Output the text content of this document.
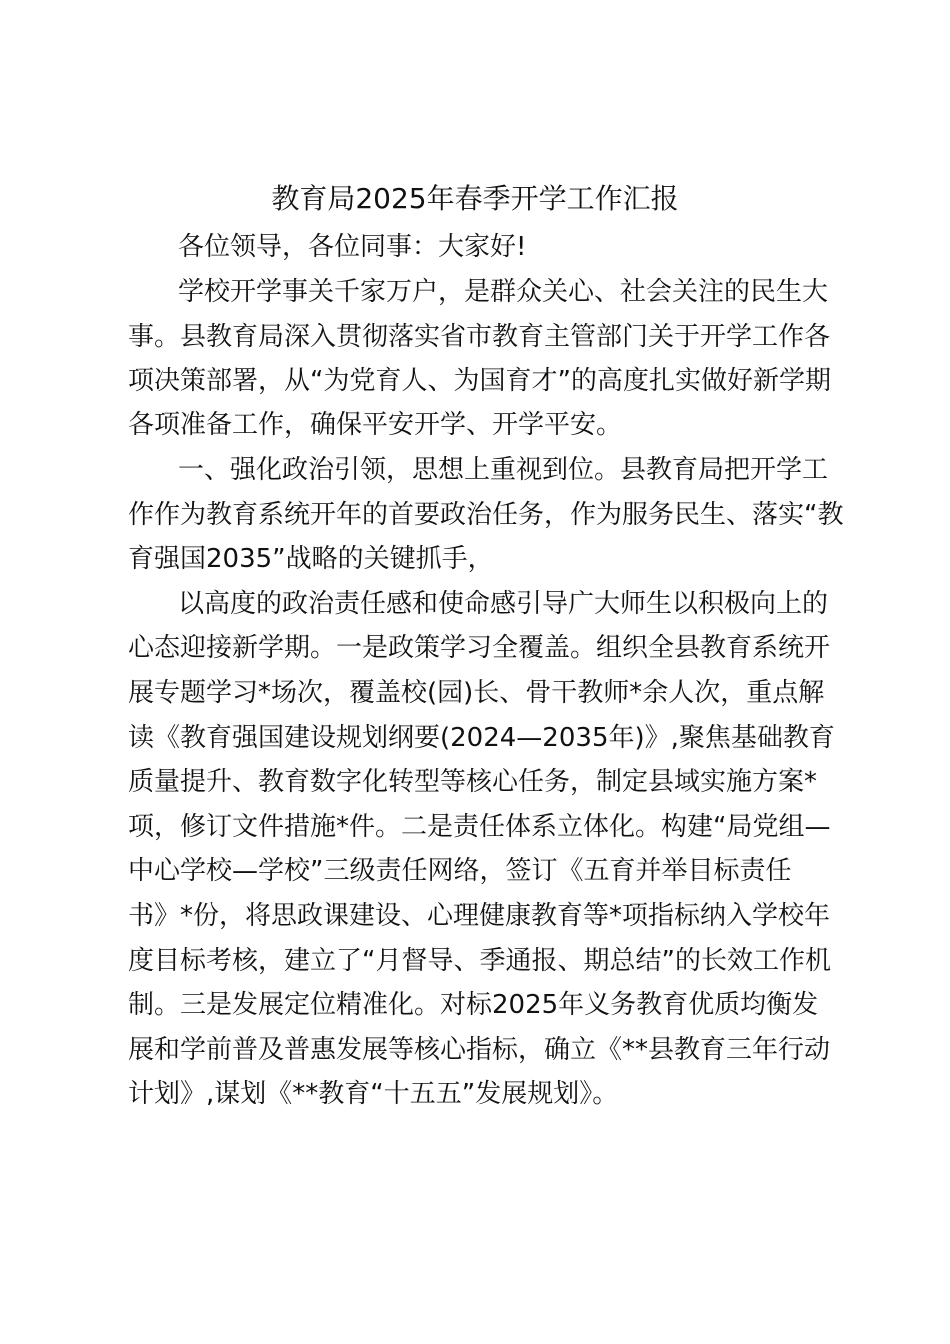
教育局2025年春季开学工作汇报

各位领导，各位同事：大家好!

学校开学事关千家万户，是群众关心、社会关注的民生大

事。县教育局深入贯彻落实省市教育主管部门关于开学工作各

项决策部署，从“为党育人、为国育才”的高度扎实做好新学期

各项准备工作，确保平安开学、开学平安。

一、强化政治引领，思想上重视到位。县教育局把开学工

作作为教育系统开年的首要政治任务，作为服务民生、落实“教

育强国2035”战略的关键抓手，

以高度的政治责任感和使命感引导广大师生以积极向上的

心态迎接新学期。一是政策学习全覆盖。组织全县教育系统开

展专题学习*场次，覆盖校(园)长、骨干教师*余人次，重点解

读《教育强国建设规划纲要(2024—2035年)》,聚焦基础教育

质量提升、教育数字化转型等核心任务，制定县域实施方案*

项，修订文件措施*件。二是责任体系立体化。构建“局党组—

中心学校—学校”三级责任网络，签订《五育并举目标责任

书》*份，将思政课建设、心理健康教育等*项指标纳入学校年

度目标考核，建立了“月督导、季通报、期总结”的长效工作机

制。三是发展定位精准化。对标2025年义务教育优质均衡发

展和学前普及普惠发展等核心指标，确立《**县教育三年行动

计划》,谋划《**教育“十五五”发展规划》。
